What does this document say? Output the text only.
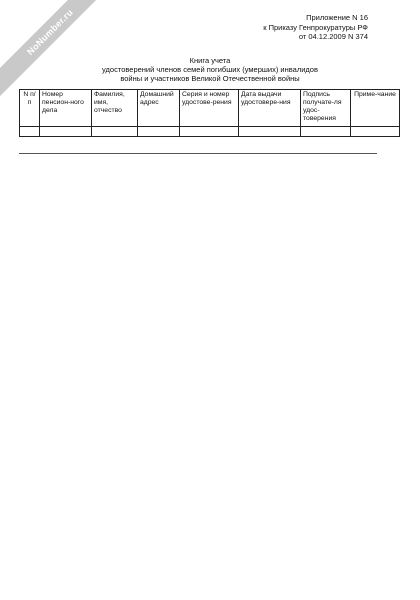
NoNumber.ru	Приложение N 16
к Приказу Генпрокуратуры РФ
от 04.12.2009 N 374
Книга учета
удостоверений членов семей погибших (умерших) инвалидов
войны и участников Великой Отечественной войны
N п/п	Номер пенсион-ного дела	Фамилия, имя, отчество	Домашний адрес	Серия и номер удостове-рения	Дата выдачи удостовере-ния	Подпись получате-ля удос-товерения	Приме-чание
